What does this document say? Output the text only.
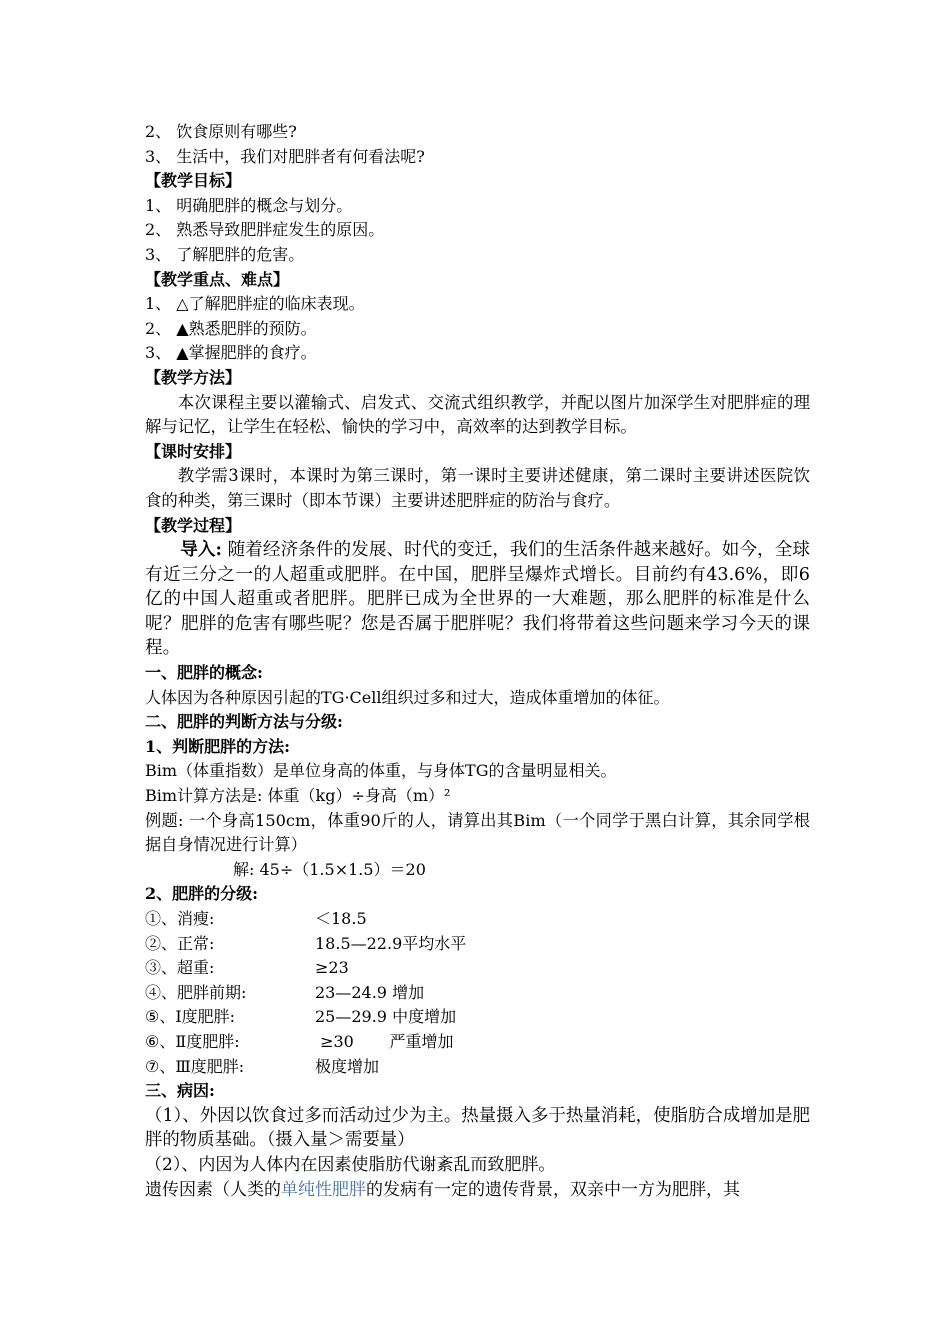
2、 饮食原则有哪些?
3、 生活中，我们对肥胖者有何看法呢?
【教学目标】
1、 明确肥胖的概念与划分。
2、 熟悉导致肥胖症发生的原因。
3、 了解肥胖的危害。
【教学重点、难点】
1、 △了解肥胖症的临床表现。
2、 ▲熟悉肥胖的预防。
3、 ▲掌握肥胖的食疗。
【教学方法】
本次课程主要以灌输式、启发式、交流式组织教学，并配以图片加深学生对肥胖症的理解与记忆，让学生在轻松、愉快的学习中，高效率的达到教学目标。
【课时安排】
教学需3课时，本课时为第三课时，第一课时主要讲述健康，第二课时主要讲述医院饮食的种类，第三课时（即本节课）主要讲述肥胖症的防治与食疗。
【教学过程】
导入: 随着经济条件的发展、时代的变迁，我们的生活条件越来越好。如今，全球有近三分之一的人超重或肥胖。在中国，肥胖呈爆炸式增长。目前约有43.6%，即6亿的中国人超重或者肥胖。肥胖已成为全世界的一大难题，那么肥胖的标准是什么呢？肥胖的危害有哪些呢？您是否属于肥胖呢？我们将带着这些问题来学习今天的课程。
一、肥胖的概念:
人体因为各种原因引起的TG·Cell组织过多和过大，造成体重增加的体征。
二、肥胖的判断方法与分级:
1、判断肥胖的方法:
Bim（体重指数）是单位身高的体重，与身体TG的含量明显相关。
Bim计算方法是: 体重（kg）÷身高（m）²
例题: 一个身高150cm，体重90斤的人，请算出其Bim（一个同学于黑白计算，其余同学根据自身情况进行计算）
解: 45÷（1.5×1.5）＝20
2、肥胖的分级:
①、消瘦:	＜18.5
②、正常:	18.5—22.9平均水平
③、超重:	≥23
④、肥胖前期:	23—24.9 增加
⑤、Ⅰ度肥胖:	25—29.9 中度增加
⑥、Ⅱ度肥胖:	≥30       严重增加
⑦、Ⅲ度肥胖:	极度增加
三、病因:
（1）、外因以饮食过多而活动过少为主。热量摄入多于热量消耗，使脂肪合成增加是肥胖的物质基础。（摄入量＞需要量）
（2）、内因为人体内在因素使脂肪代谢紊乱而致肥胖。
遗传因素（人类的单纯性肥胖的发病有一定的遗传背景，双亲中一方为肥胖，其
